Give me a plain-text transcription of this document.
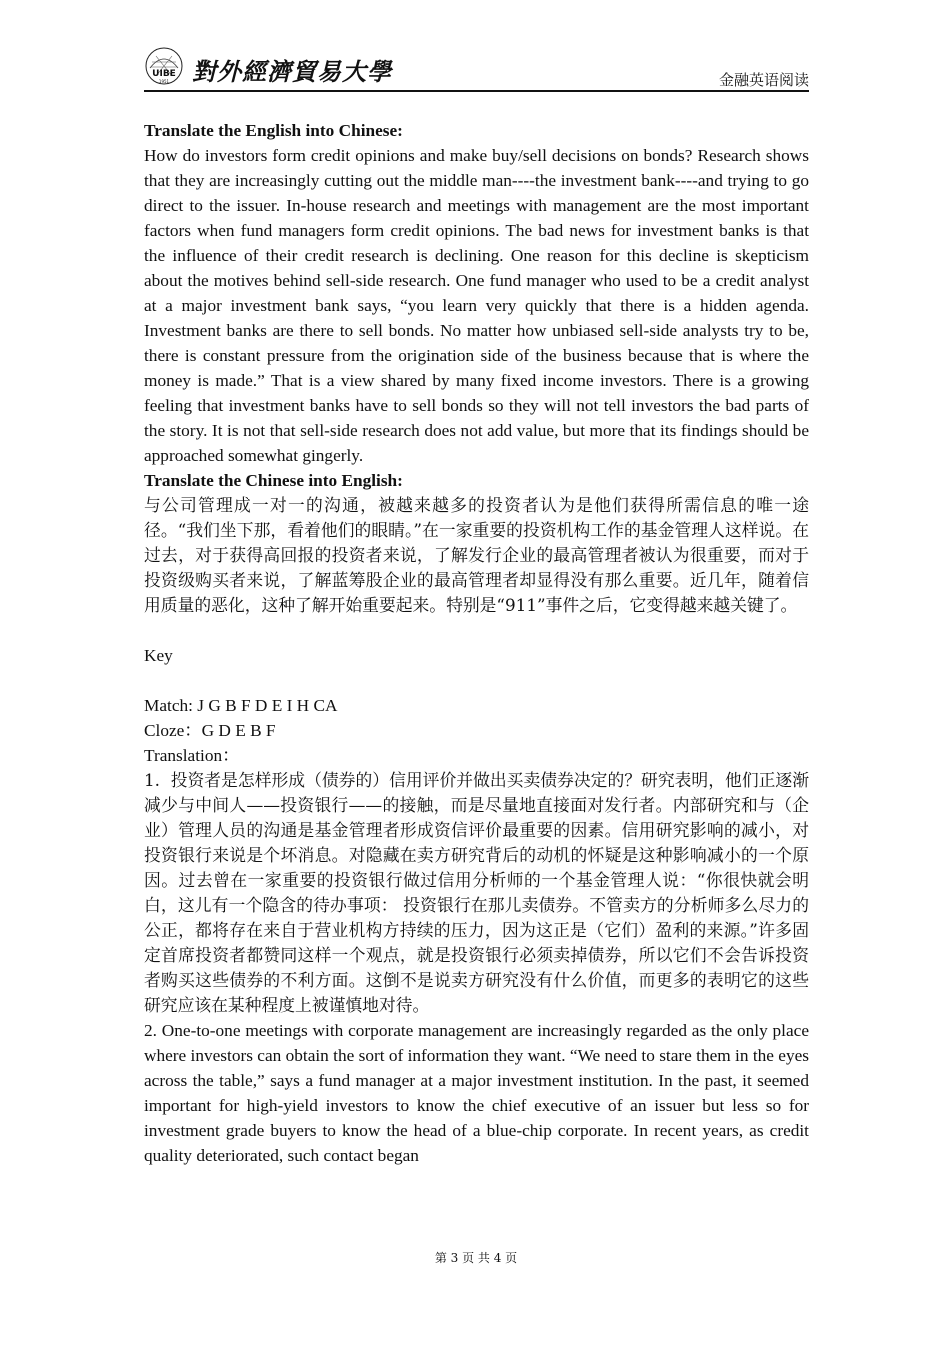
UIBE
1951 對外經濟貿易大學	金融英语阅读

Translate the English into Chinese:

How do investors form credit opinions and make buy/sell decisions on bonds? Research shows that they are increasingly cutting out the middle man----the investment bank----and trying to go direct to the issuer. In-house research and meetings with management are the most important factors when fund managers form credit opinions. The bad news for investment banks is that the influence of their credit research is declining. One reason for this decline is skepticism about the motives behind sell-side research. One fund manager who used to be a credit analyst at a major investment bank says, “you learn very quickly that there is a hidden agenda. Investment banks are there to sell bonds. No matter how unbiased sell-side analysts try to be, there is constant pressure from the origination side of the business because that is where the money is made.” That is a view shared by many fixed income investors. There is a growing feeling that investment banks have to sell bonds so they will not tell investors the bad parts of the story. It is not that sell-side research does not add value, but more that its findings should be approached somewhat gingerly.

Translate the Chinese into English:

与公司管理成一对一的沟通，被越来越多的投资者认为是他们获得所需信息的唯一途径。“我们坐下那，看着他们的眼睛。”在一家重要的投资机构工作的基金管理人这样说。在过去，对于获得高回报的投资者来说，了解发行企业的最高管理者被认为很重要，而对于投资级购买者来说，了解蓝筹股企业的最高管理者却显得没有那么重要。近几年，随着信用质量的恶化，这种了解开始重要起来。特别是“911”事件之后，它变得越来越关键了。

Key

Match: J G B F D E I H CA

Cloze：G D E B F

Translation：

1.  投资者是怎样形成（债券的）信用评价并做出买卖债券决定的？研究表明，他们正逐渐减少与中间人——投资银行——的接触，而是尽量地直接面对发行者。内部研究和与（企业）管理人员的沟通是基金管理者形成资信评价最重要的因素。信用研究影响的减小，对投资银行来说是个坏消息。对隐藏在卖方研究背后的动机的怀疑是这种影响减小的一个原因。过去曾在一家重要的投资银行做过信用分析师的一个基金管理人说：“你很快就会明白，这儿有一个隐含的待办事项： 投资银行在那儿卖债券。不管卖方的分析师多么尽力的公正，都将存在来自于营业机构方持续的压力，因为这正是（它们）盈利的来源。”许多固定首席投资者都赞同这样一个观点，就是投资银行必须卖掉债券，所以它们不会告诉投资者购买这些债券的不利方面。这倒不是说卖方研究没有什么价值，而更多的表明它的这些研究应该在某种程度上被谨慎地对待。

2. One-to-one meetings with corporate management are increasingly regarded as the only place where investors can obtain the sort of information they want. “We need to stare them in the eyes across the table,” says a fund manager at a major investment institution. In the past, it seemed important for high-yield investors to know the chief executive of an issuer but less so for investment grade buyers to know the head of a blue-chip corporate. In recent years, as credit quality deteriorated, such contact began

第 3 页 共 4 页
